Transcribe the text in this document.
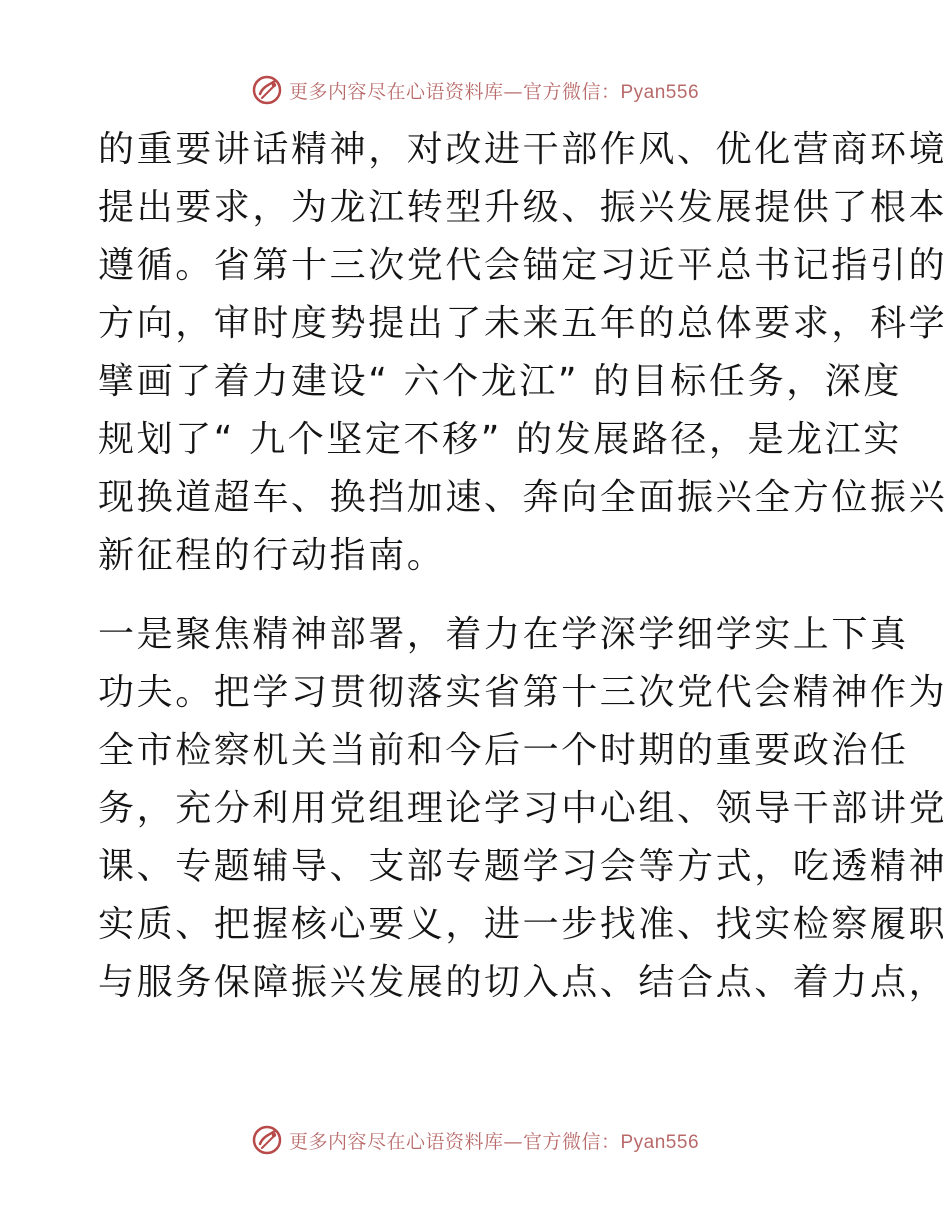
更多内容尽在心语资料库—官方微信：Pyan556
的重要讲话精神，对改进干部作风、优化营商环境
提出要求，为龙江转型升级、振兴发展提供了根本
遵循。省第十三次党代会锚定习近平总书记指引的
方向，审时度势提出了未来五年的总体要求，科学
擘画了着力建设“ 六个龙江” 的目标任务，深度
规划了“ 九个坚定不移” 的发展路径，是龙江实
现换道超车、换挡加速、奔向全面振兴全方位振兴
新征程的行动指南。
一是聚焦精神部署，着力在学深学细学实上下真
功夫。把学习贯彻落实省第十三次党代会精神作为
全市检察机关当前和今后一个时期的重要政治任
务，充分利用党组理论学习中心组、领导干部讲党
课、专题辅导、支部专题学习会等方式，吃透精神
实质、把握核心要义，进一步找准、找实检察履职
与服务保障振兴发展的切入点、结合点、着力点，
更多内容尽在心语资料库—官方微信：Pyan556
